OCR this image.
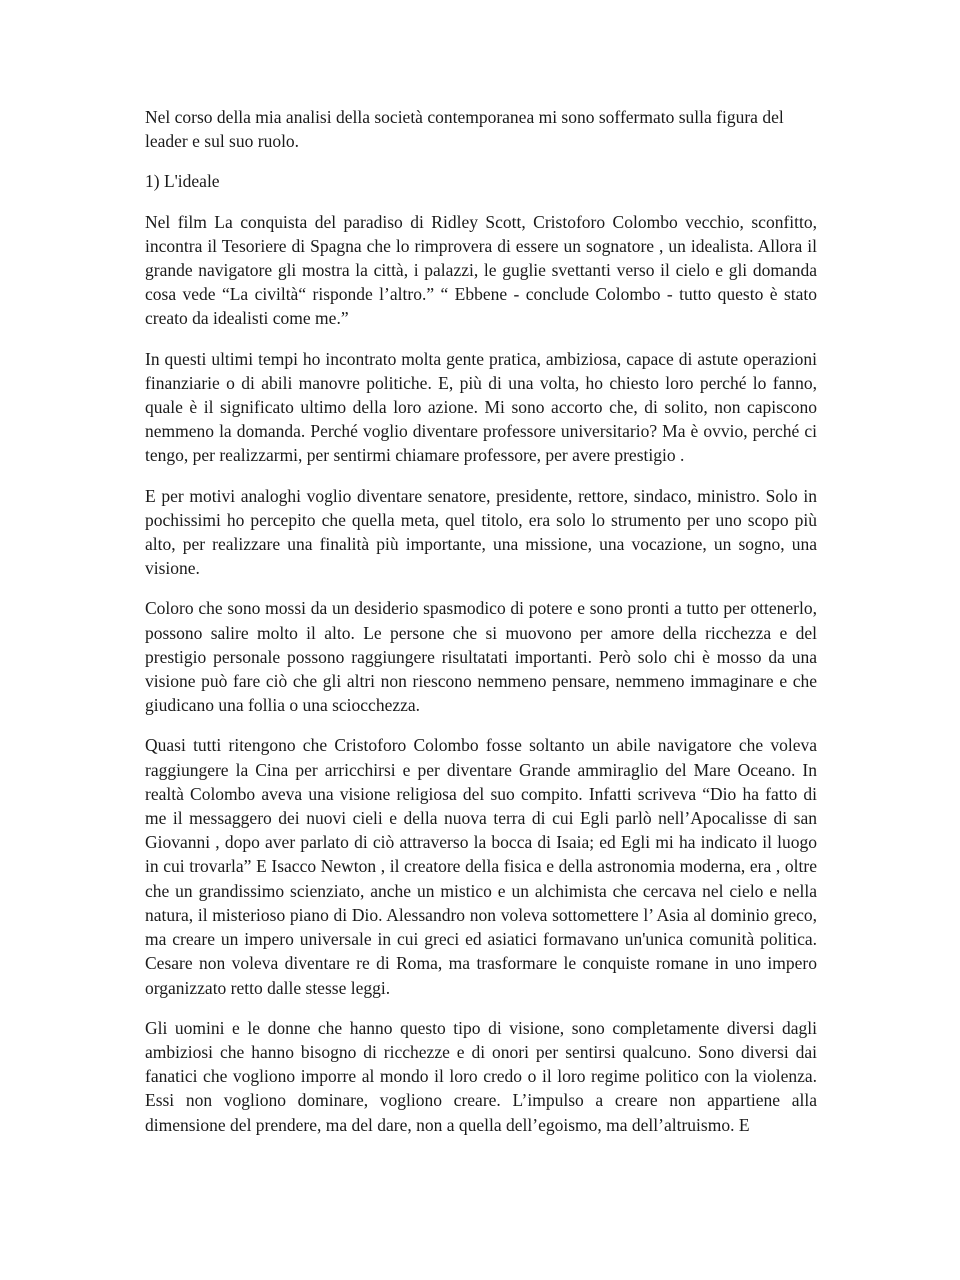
Nel corso della mia analisi della società contemporanea mi sono soffermato sulla figura del leader e sul suo ruolo.

1) L'ideale

Nel film La conquista del paradiso di Ridley Scott, Cristoforo Colombo vecchio, sconfitto, incontra il Tesoriere di Spagna che lo rimprovera di essere un sognatore , un idealista. Allora il grande navigatore gli mostra la città, i palazzi, le guglie svettanti verso il cielo e gli domanda cosa vede “La civiltà“ risponde l’altro.” “ Ebbene - conclude Colombo - tutto questo è stato creato da idealisti come me.”

In questi ultimi tempi ho incontrato molta gente pratica, ambiziosa, capace di astute operazioni finanziarie o di abili manovre politiche. E, più di una volta, ho chiesto loro perché lo fanno, quale è il significato ultimo della loro azione. Mi sono accorto che, di solito, non capiscono nemmeno la domanda. Perché voglio diventare professore universitario? Ma è ovvio, perché ci tengo, per realizzarmi, per sentirmi chiamare professore, per avere prestigio .

E per motivi analoghi voglio diventare senatore, presidente, rettore, sindaco, ministro. Solo in pochissimi ho percepito che quella meta, quel titolo, era solo lo strumento per uno scopo più alto, per realizzare una finalità più importante, una missione, una vocazione, un sogno, una visione.

Coloro che sono mossi da un desiderio spasmodico di potere e sono pronti a tutto per ottenerlo, possono salire molto il alto. Le persone che si muovono per amore della ricchezza e del prestigio personale possono raggiungere risultatati importanti. Però solo chi è mosso da una visione può fare ciò che gli altri non riescono nemmeno pensare, nemmeno immaginare e che giudicano una follia o una sciocchezza.

Quasi tutti ritengono che Cristoforo Colombo fosse soltanto un abile navigatore che voleva raggiungere la Cina per arricchirsi e per diventare Grande ammiraglio del Mare Oceano. In realtà Colombo aveva una visione religiosa del suo compito. Infatti scriveva “Dio ha fatto di me il messaggero dei nuovi cieli e della nuova terra di cui Egli parlò nell’Apocalisse di san Giovanni , dopo aver parlato di ciò attraverso la bocca di Isaia; ed Egli mi ha indicato il luogo in cui trovarla” E Isacco Newton , il creatore della fisica e della astronomia moderna, era , oltre che un grandissimo scienziato, anche un mistico e un alchimista che cercava nel cielo e nella natura, il misterioso piano di Dio. Alessandro non voleva sottomettere l’ Asia al dominio greco, ma creare un impero universale in cui greci ed asiatici formavano un'unica comunità politica. Cesare non voleva diventare re di Roma, ma trasformare le conquiste romane in uno impero organizzato retto dalle stesse leggi.

Gli uomini e le donne che hanno questo tipo di visione, sono completamente diversi dagli ambiziosi che hanno bisogno di ricchezze e di onori per sentirsi qualcuno. Sono diversi dai fanatici che vogliono imporre al mondo il loro credo o il loro regime politico con la violenza. Essi non vogliono dominare, vogliono creare. L’impulso a creare non appartiene alla dimensione del prendere, ma del dare, non a quella dell’egoismo, ma dell’altruismo. E
